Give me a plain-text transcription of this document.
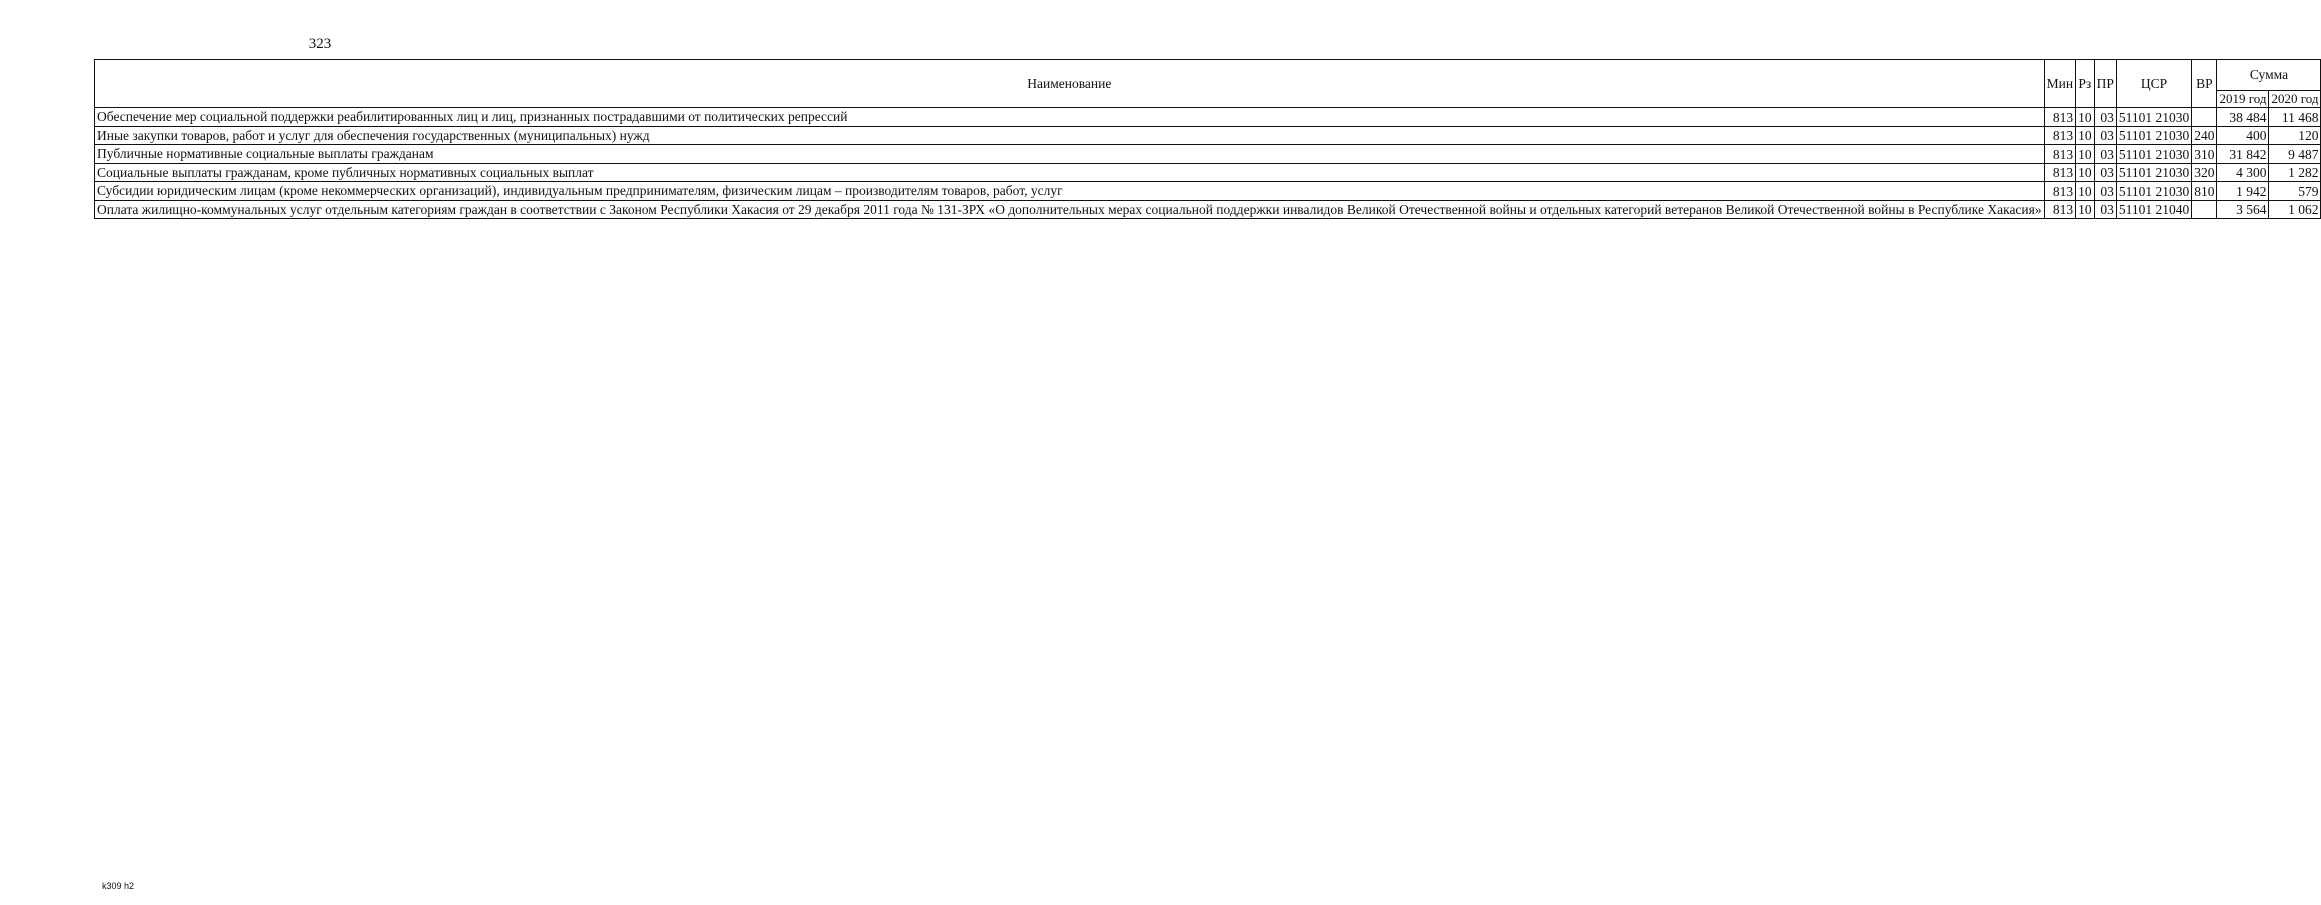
323
Наименование	Мин	Рз	ПР	ЦСР	ВР	Сумма	
						2019 год	2020 год
Обеспечение мер социальной поддержки реабилитированных лиц и лиц, признанных пострадавшими от политических репрессий	813	10	03	51101 21030		38 484	11 468
Иные закупки товаров, работ и услуг для обеспечения государственных (муниципальных) нужд	813	10	03	51101 21030	240	400	120
Публичные нормативные социальные выплаты гражданам	813	10	03	51101 21030	310	31 842	9 487
Социальные выплаты гражданам, кроме публичных нормативных социальных выплат	813	10	03	51101 21030	320	4 300	1 282
Субсидии юридическим лицам (кроме некоммерческих организаций), индивидуальным предпринимателям, физическим лицам – производителям товаров, работ, услуг	813	10	03	51101 21030	810	1 942	579
Оплата жилищно-коммунальных услуг отдельным категориям граждан в соответствии с Законом Республики Хакасия от 29 декабря 2011 года № 131-ЗРХ «О дополнительных мерах социальной поддержки инвалидов Великой Отечественной войны и отдельных категорий ветеранов Великой Отечественной войны в Республике Хакасия»	813	10	03	51101 21040		3 564	1 062
k309 h2
